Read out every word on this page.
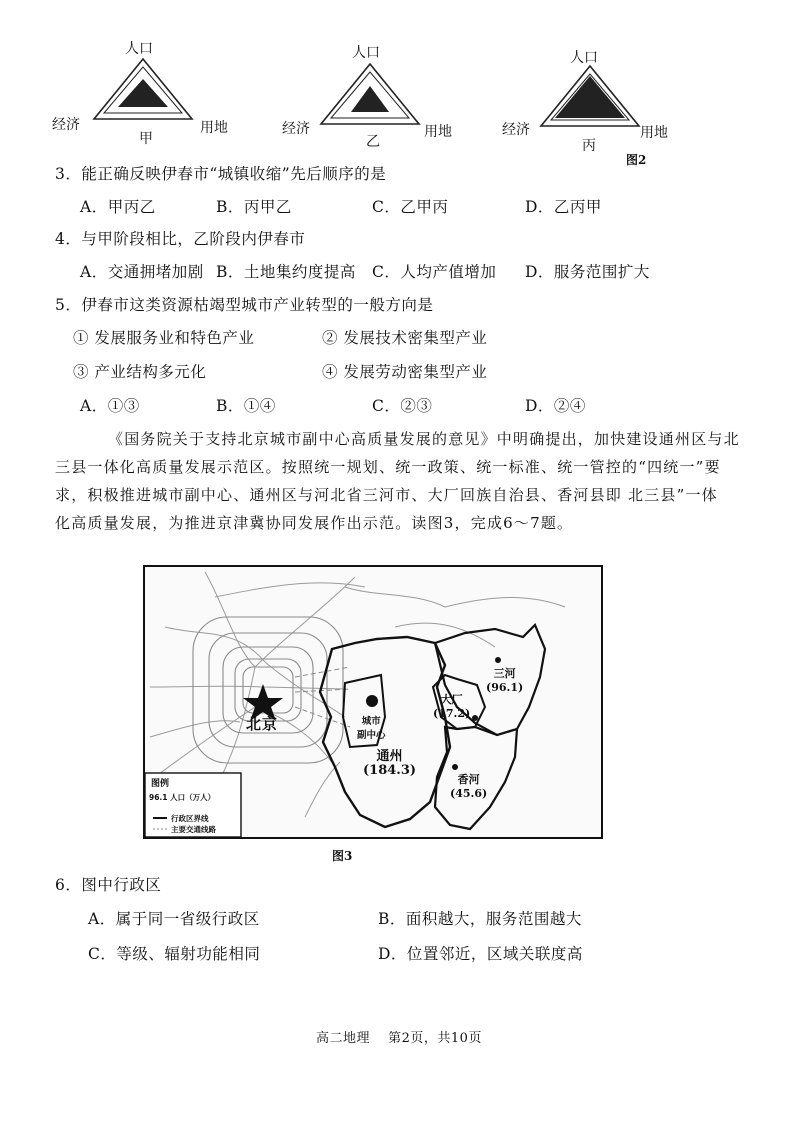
人口
经济	用地
甲
人口
经济	用地
乙
人口
经济	用地
丙
图2
3．能正确反映伊春市“城镇收缩”先后顺序的是
A．甲丙乙	B．丙甲乙	C．乙甲丙	D．乙丙甲
4．与甲阶段相比，乙阶段内伊春市
A．交通拥堵加剧 B．土地集约度提高 C．人均产值增加 D．服务范围扩大
5．伊春市这类资源枯竭型城市产业转型的一般方向是
① 发展服务业和特色产业	② 发展技术密集型产业
③ 产业结构多元化	④ 发展劳动密集型产业
A．①③	B．①④	C．②③	D．②④
《国务院关于支持北京城市副中心高质量发展的意见》中明确提出，加快建设通州区与北
三县一体化高质量发展示范区。按照统一规划、统一政策、统一标准、统一管控的“四统一”要
求，积极推进城市副中心、通州区与河北省三河市、大厂回族自治县、香河县即 北三县”一体
化高质量发展，为推进京津冀协同发展作出示范。读图3，完成6～7题。
北京	城市
副中心
通州
(184.3)
三河
(96.1)
大厂
(17.2)
香河
(45.6)
图例
96.1 人口（万人）
行政区界线
主要交通线路
图3
6．图中行政区
A．属于同一省级行政区	B．面积越大，服务范围越大
C．等级、辐射功能相同	D．位置邻近，区域关联度高
高二地理　 第2页，共10页
